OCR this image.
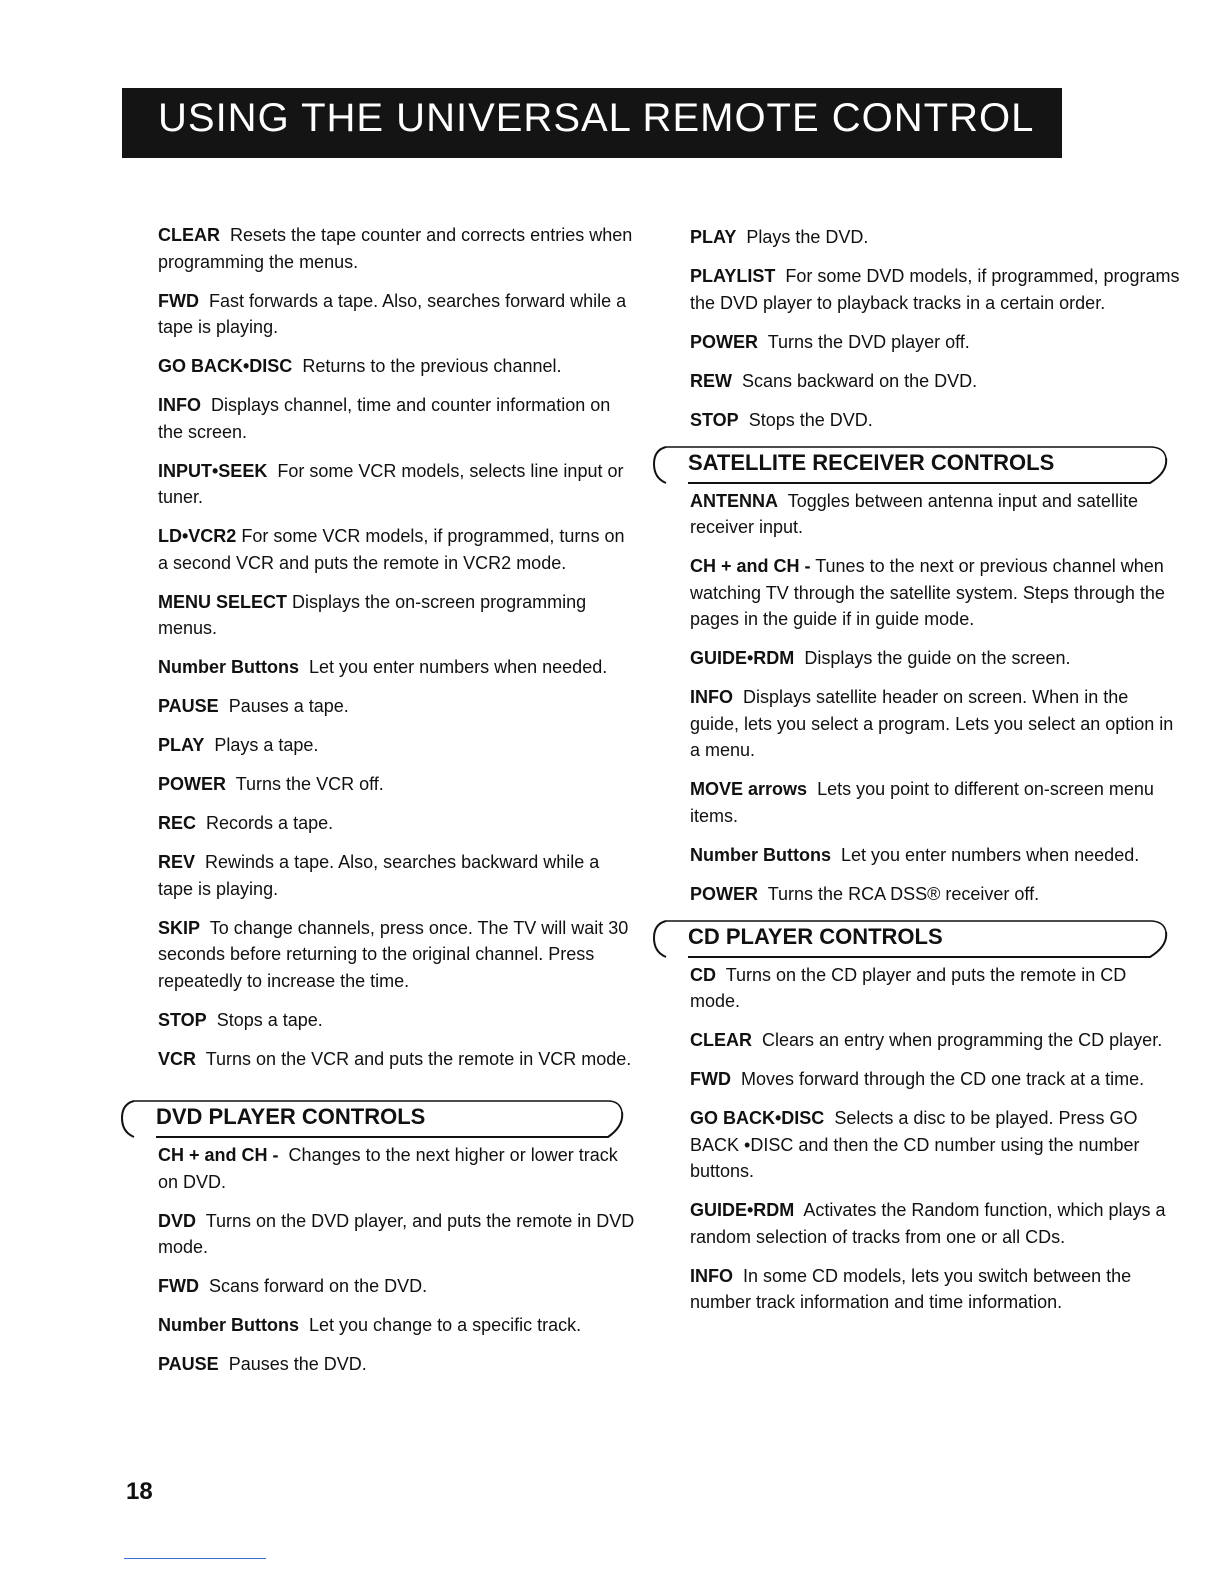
USING THE UNIVERSAL REMOTE CONTROL

CLEAR Resets the tape counter and corrects entries when programming the menus.

FWD Fast forwards a tape. Also, searches forward while a tape is playing.

GO BACK•DISC Returns to the previous channel.

INFO Displays channel, time and counter information on the screen.

INPUT•SEEK For some VCR models, selects line input or tuner.

LD•VCR2 For some VCR models, if programmed, turns on a second VCR and puts the remote in VCR2 mode.

MENU SELECT Displays the on-screen programming menus.

Number Buttons Let you enter numbers when needed.

PAUSE Pauses a tape.

PLAY Plays a tape.

POWER Turns the VCR off.

REC Records a tape.

REV Rewinds a tape. Also, searches backward while a tape is playing.

SKIP To change channels, press once. The TV will wait 30 seconds before returning to the original channel. Press repeatedly to increase the time.

STOP Stops a tape.

VCR Turns on the VCR and puts the remote in VCR mode.

DVD PLAYER CONTROLS

CH + and CH - Changes to the next higher or lower track on DVD.

DVD Turns on the DVD player, and puts the remote in DVD mode.

FWD Scans forward on the DVD.

Number Buttons Let you change to a specific track.

PAUSE Pauses the DVD.

PLAY Plays the DVD.

PLAYLIST For some DVD models, if programmed, programs the DVD player to playback tracks in a certain order.

POWER Turns the DVD player off.

REW Scans backward on the DVD.

STOP Stops the DVD.

SATELLITE RECEIVER CONTROLS

ANTENNA Toggles between antenna input and satellite receiver input.

CH + and CH - Tunes to the next or previous channel when watching TV through the satellite system. Steps through the pages in the guide if in guide mode.

GUIDE•RDM Displays the guide on the screen.

INFO Displays satellite header on screen. When in the guide, lets you select a program. Lets you select an option in a menu.

MOVE arrows Lets you point to different on-screen menu items.

Number Buttons Let you enter numbers when needed.

POWER Turns the RCA DSS® receiver off.

CD PLAYER CONTROLS

CD Turns on the CD player and puts the remote in CD mode.

CLEAR Clears an entry when programming the CD player.

FWD Moves forward through the CD one track at a time.

GO BACK•DISC Selects a disc to be played. Press GO BACK •DISC and then the CD number using the number buttons.

GUIDE•RDM Activates the Random function, which plays a random selection of tracks from one or all CDs.

INFO In some CD models, lets you switch between the number track information and time information.

18
